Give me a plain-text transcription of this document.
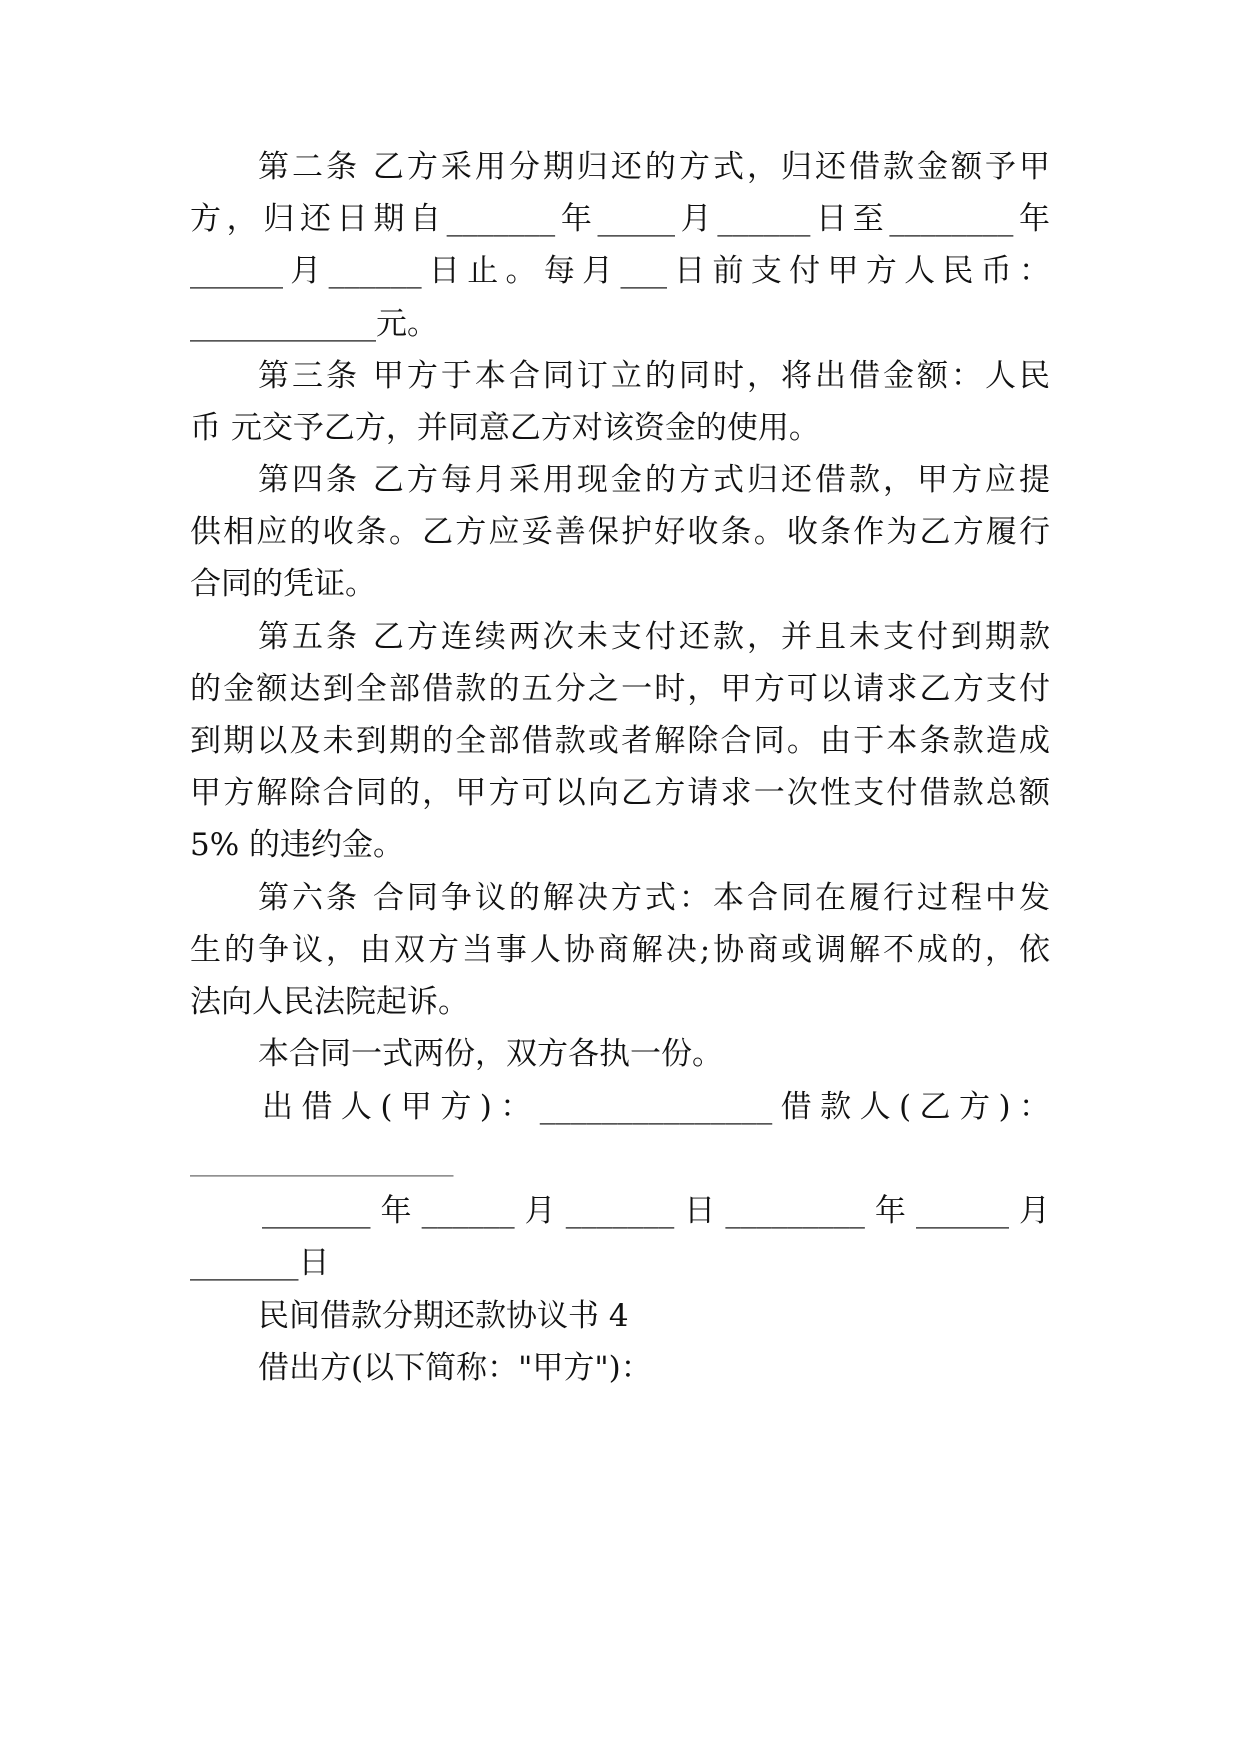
第二条 乙方采用分期归还的方式，归还借款金额予甲
方，归还日期自_______年_____月______日至________年
______月______日止。每月___日前支付甲方人民币：
____________元。
第三条 甲方于本合同订立的同时，将出借金额：人民
币 元交予乙方，并同意乙方对该资金的使用。
第四条 乙方每月采用现金的方式归还借款，甲方应提
供相应的收条。乙方应妥善保护好收条。收条作为乙方履行
合同的凭证。
第五条 乙方连续两次未支付还款，并且未支付到期款
的金额达到全部借款的五分之一时，甲方可以请求乙方支付
到期以及未到期的全部借款或者解除合同。由于本条款造成
甲方解除合同的，甲方可以向乙方请求一次性支付借款总额
5% 的违约金。
第六条 合同争议的解决方式：本合同在履行过程中发
生的争议，由双方当事人协商解决;协商或调解不成的，依
法向人民法院起诉。
本合同一式两份，双方各执一份。
出借人(甲方)：_______________借款人(乙方)：
_________________
_______年______月_______日_________年______月
_______日
民间借款分期还款协议书 4
借出方(以下简称："甲方")：
